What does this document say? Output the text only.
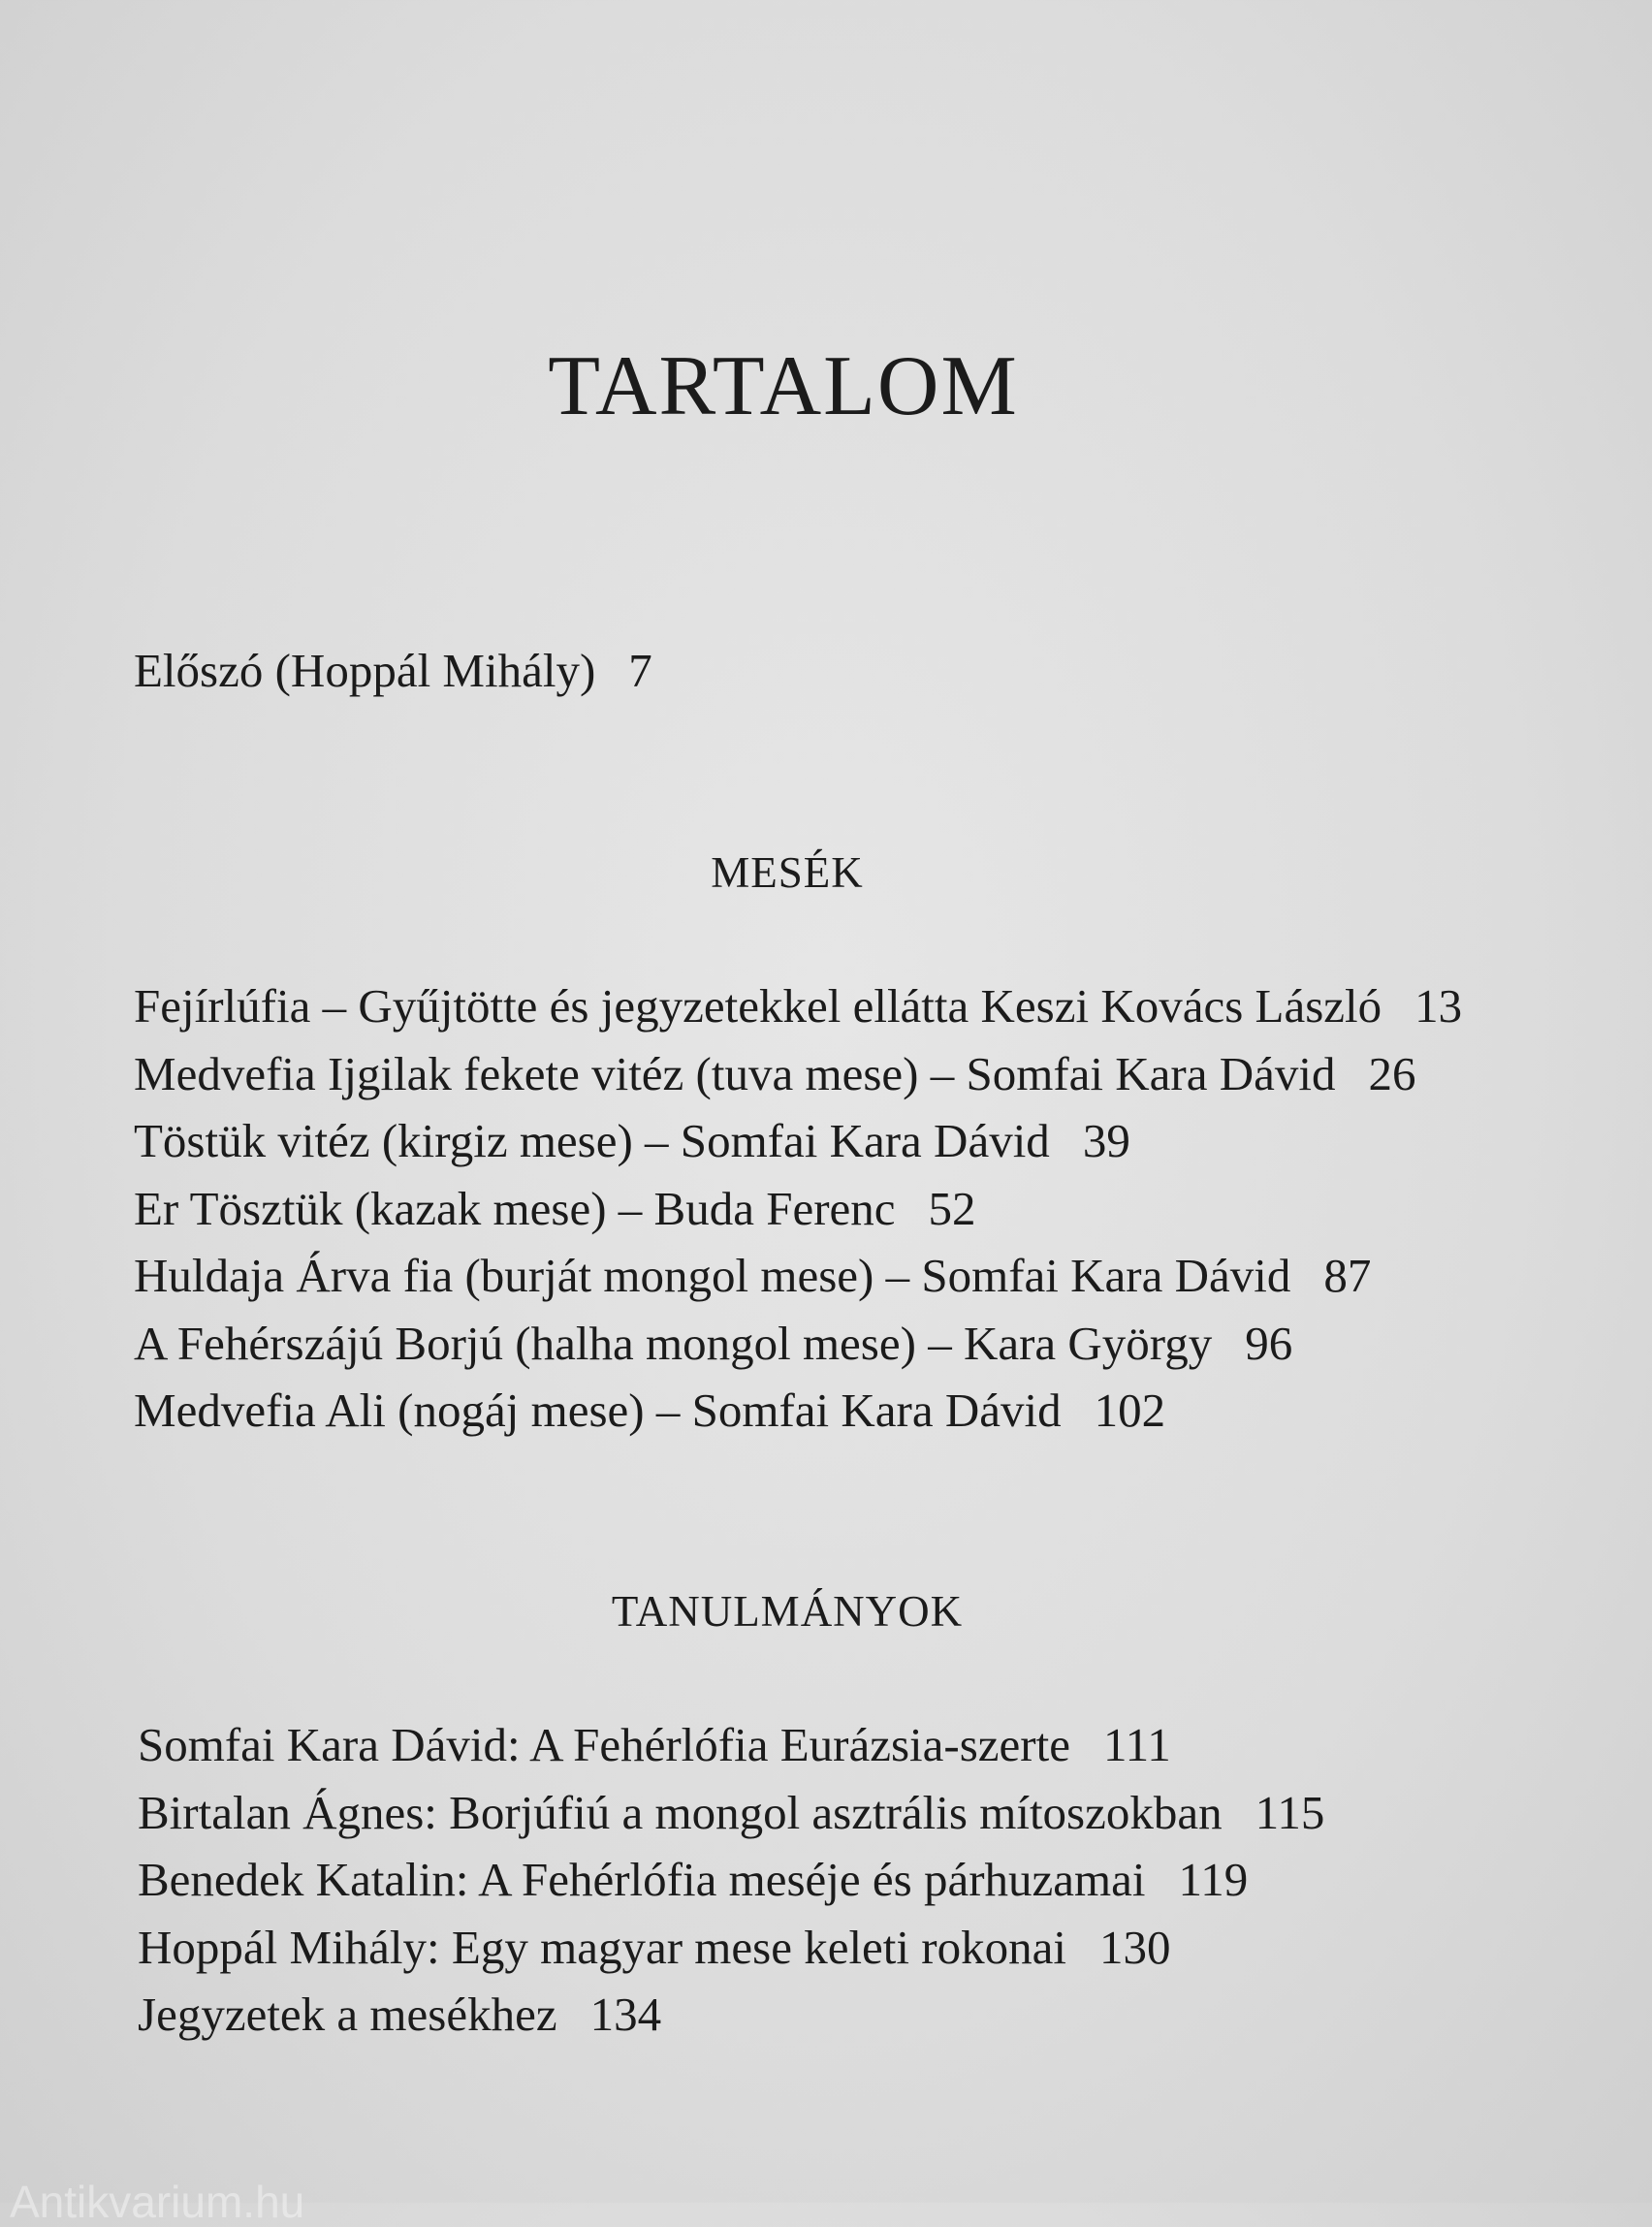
TARTALOM
Előszó (Hoppál Mihály) 7
MESÉK
Fejírlúfia – Gyűjtötte és jegyzetekkel ellátta Keszi Kovács László 13
Medvefia Ijgilak fekete vitéz (tuva mese) – Somfai Kara Dávid 26
Töstük vitéz (kirgiz mese) – Somfai Kara Dávid 39
Er Tösztük (kazak mese) – Buda Ferenc 52
Huldaja Árva fia (burját mongol mese) – Somfai Kara Dávid 87
A Fehérszájú Borjú (halha mongol mese) – Kara György 96
Medvefia Ali (nogáj mese) – Somfai Kara Dávid 102
TANULMÁNYOK
Somfai Kara Dávid: A Fehérlófia Eurázsia-szerte 111
Birtalan Ágnes: Borjúfiú a mongol asztrális mítoszokban 115
Benedek Katalin: A Fehérlófia meséje és párhuzamai 119
Hoppál Mihály: Egy magyar mese keleti rokonai 130
Jegyzetek a mesékhez 134
Antikvarium.hu
